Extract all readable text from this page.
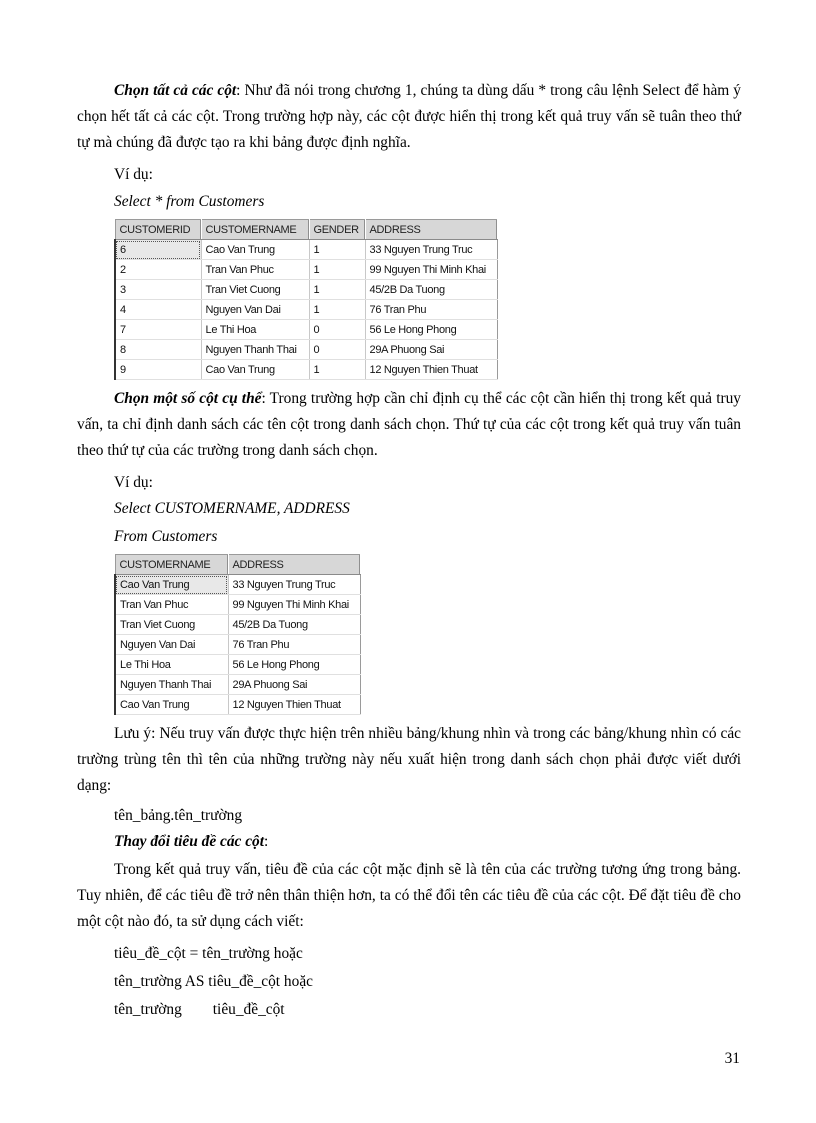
Chọn tất cả các cột: Như đã nói trong chương 1, chúng ta dùng dấu * trong câu lệnh Select để hàm ý chọn hết tất cả các cột. Trong trường hợp này, các cột được hiển thị trong kết quả truy vấn sẽ tuân theo thứ tự mà chúng đã được tạo ra khi bảng được định nghĩa.

Ví dụ:

Select * from Customers

CUSTOMERID	CUSTOMERNAME	GENDER	ADDRESS
6	Cao Van Trung	1	33 Nguyen Trung Truc
2	Tran Van Phuc	1	99 Nguyen Thi Minh Khai
3	Tran Viet Cuong	1	45/2B Da Tuong
4	Nguyen Van Dai	1	76 Tran Phu
7	Le Thi Hoa	0	56 Le Hong Phong
8	Nguyen Thanh Thai	0	29A Phuong Sai
9	Cao Van Trung	1	12 Nguyen Thien Thuat

Chọn một số cột cụ thể: Trong trường hợp cần chỉ định cụ thể các cột cần hiển thị trong kết quả truy vấn, ta chỉ định danh sách các tên cột trong danh sách chọn. Thứ tự của các cột trong kết quả truy vấn tuân theo thứ tự của các trường trong danh sách chọn.

Ví dụ:

Select CUSTOMERNAME, ADDRESS

From Customers

CUSTOMERNAME	ADDRESS
Cao Van Trung	33 Nguyen Trung Truc
Tran Van Phuc	99 Nguyen Thi Minh Khai
Tran Viet Cuong	45/2B Da Tuong
Nguyen Van Dai	76 Tran Phu
Le Thi Hoa	56 Le Hong Phong
Nguyen Thanh Thai	29A Phuong Sai
Cao Van Trung	12 Nguyen Thien Thuat

Lưu ý: Nếu truy vấn được thực hiện trên nhiều bảng/khung nhìn và trong các bảng/khung nhìn có các trường trùng tên thì tên của những trường này nếu xuất hiện trong danh sách chọn phải được viết dưới dạng:

tên_bảng.tên_trường

Thay đổi tiêu đề các cột:

Trong kết quả truy vấn, tiêu đề của các cột mặc định sẽ là tên của các trường tương ứng trong bảng. Tuy nhiên, để các tiêu đề trở nên thân thiện hơn, ta có thể đổi tên các tiêu đề của các cột. Để đặt tiêu đề cho một cột nào đó, ta sử dụng cách viết:

tiêu_đề_cột = tên_trường hoặc

tên_trường AS tiêu_đề_cột hoặc

tên_trường tiêu_đề_cột

31
